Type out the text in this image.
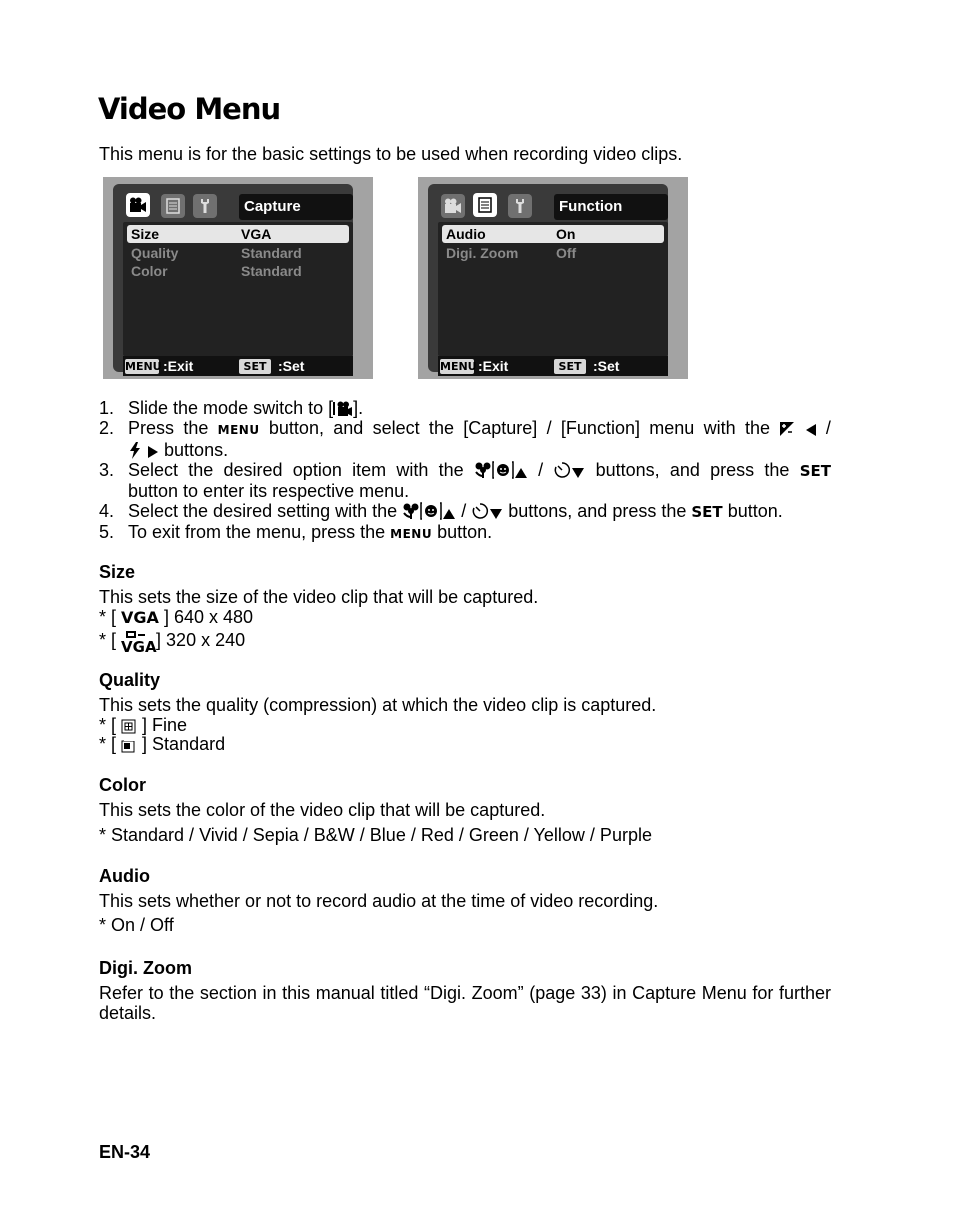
Video Menu
This menu is for the basic settings to be used when recording video clips.
Capture
Size	VGA
Quality	Standard
Color	Standard
MENU :Exit	SET :Set
Function
Audio	On
Digi. Zoom	Off
MENU :Exit	SET :Set
1. Slide the mode switch to [ ].
2. Press the MENU button, and select the [Capture] / [Function] menu with the	/
buttons.
3. Select the desired option item with the	/	buttons, and press the SET
button to enter its respective menu.
4. Select the desired setting with the	/ buttons, and press the SET button.
5. To exit from the menu, press the MENU button.
Size
This sets the size of the video clip that will be captured.
* [ VGA ] 640 x 480
* [ VGA ] 320 x 240
Quality
This sets the quality (compression) at which the video clip is captured.
* [ ] Fine
* [ ] Standard
Color
This sets the color of the video clip that will be captured.
* Standard / Vivid / Sepia / B&W / Blue / Red / Green / Yellow / Purple
Audio
This sets whether or not to record audio at the time of video recording.
* On / Off
Digi. Zoom
Refer to the section in this manual titled “Digi. Zoom” (page 33) in Capture Menu for further details.
EN-34
